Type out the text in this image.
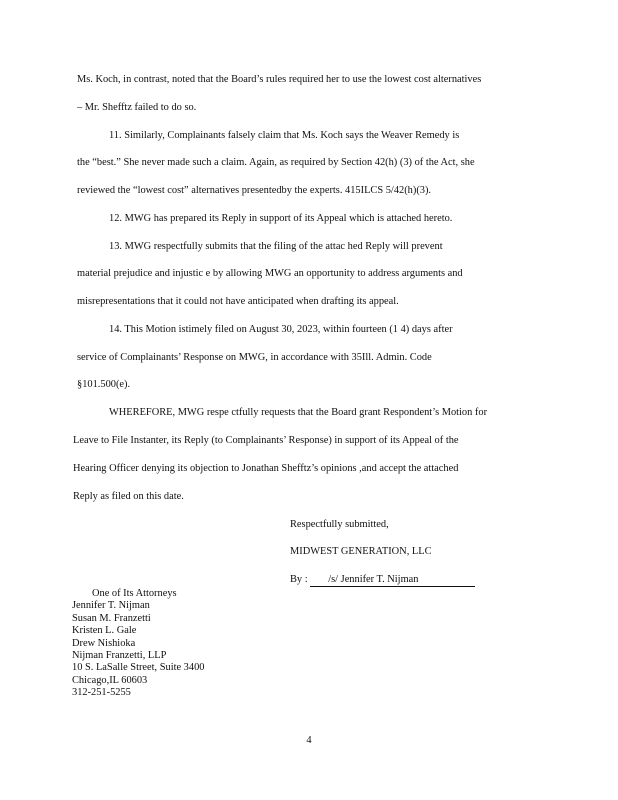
Ms. Koch, in contrast, noted that the Board’s rules required her to use the lowest cost alternatives
– Mr. Shefftz failed to do so.
11. Similarly, Complainants falsely claim that Ms. Koch says the Weaver Remedy is
the “best.” She never made such a claim. Again, as required by Section 42(h) (3) of the Act, she
reviewed the “lowest cost” alternatives presentedby the experts. 415ILCS 5/42(h)(3).
12. MWG has prepared its Reply in support of its Appeal which is attached hereto.
13. MWG respectfully submits that the filing of the attac hed Reply will prevent
material prejudice and injustic e by allowing MWG an opportunity to address arguments and
misrepresentations that it could not have anticipated when drafting its appeal.
14. This Motion istimely filed on August 30, 2023, within fourteen (1 4) days after
service of Complainants’ Response on MWG, in accordance with 35Ill. Admin. Code
§101.500(e).
WHEREFORE, MWG respe ctfully requests that the Board grant Respondent’s Motion for
Leave to File Instanter, its Reply (to Complainants’ Response) in support of its Appeal of the
Hearing Officer denying its objection to Jonathan Shefftz’s opinions ,and accept the attached
Reply as filed on this date.
Respectfully submitted,
MIDWEST GENERATION, LLC
By : /s/ Jennifer T. Nijman
One of Its Attorneys
Jennifer T. Nijman
Susan M. Franzetti
Kristen L. Gale
Drew Nishioka
Nijman Franzetti, LLP
10 S. LaSalle Street, Suite 3400
Chicago,IL 60603
312-251-5255
4
